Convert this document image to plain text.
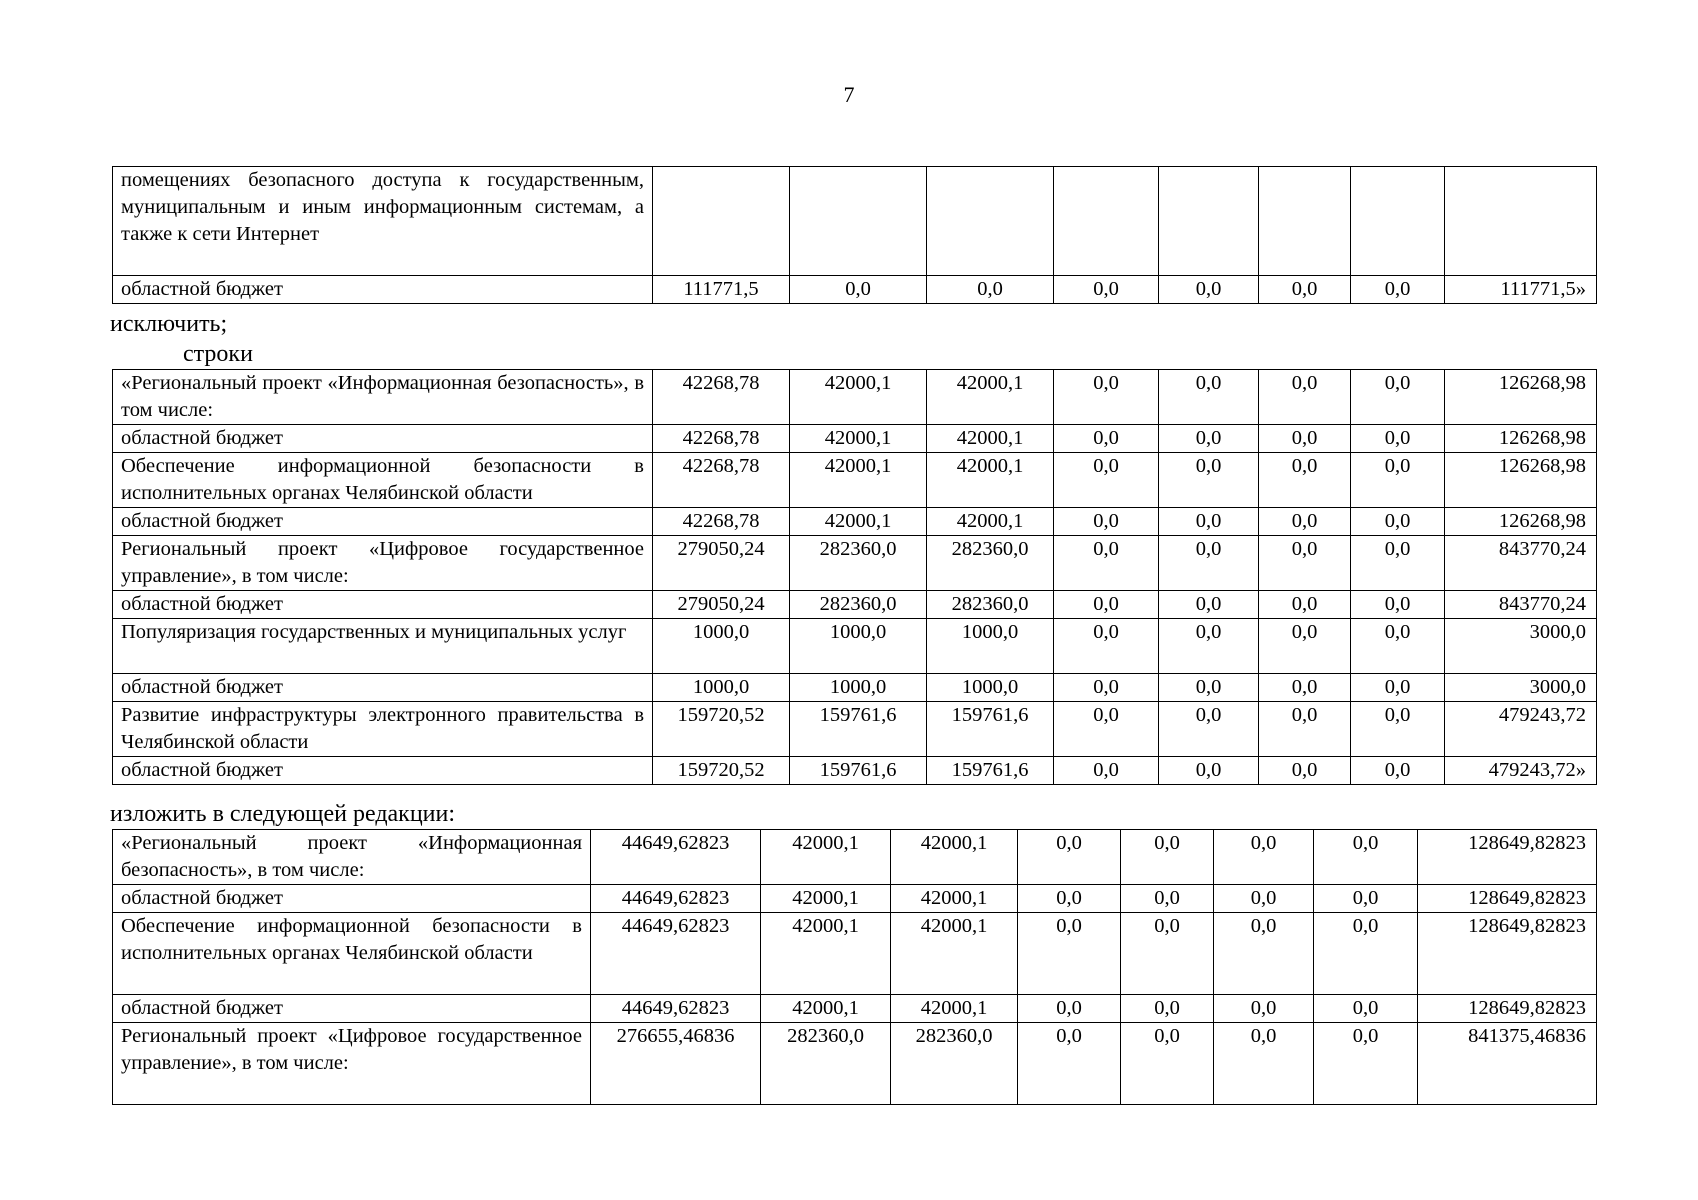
7
помещениях безопасного доступа к государственным, муниципальным и иным информационным системам, а также к сети Интернет								
областной бюджет	111771,5	0,0	0,0	0,0	0,0	0,0	0,0	111771,5»
исключить;
строки
«Региональный проект «Информационная безопасность», в том числе:	42268,78	42000,1	42000,1	0,0	0,0	0,0	0,0	126268,98
областной бюджет	42268,78	42000,1	42000,1	0,0	0,0	0,0	0,0	126268,98
Обеспечение информационной безопасности в исполнительных органах Челябинской области	42268,78	42000,1	42000,1	0,0	0,0	0,0	0,0	126268,98
областной бюджет	42268,78	42000,1	42000,1	0,0	0,0	0,0	0,0	126268,98
Региональный проект «Цифровое государственное управление», в том числе:	279050,24	282360,0	282360,0	0,0	0,0	0,0	0,0	843770,24
областной бюджет	279050,24	282360,0	282360,0	0,0	0,0	0,0	0,0	843770,24
Популяризация государственных и муниципальных услуг	1000,0	1000,0	1000,0	0,0	0,0	0,0	0,0	3000,0
областной бюджет	1000,0	1000,0	1000,0	0,0	0,0	0,0	0,0	3000,0
Развитие инфраструктуры электронного правительства в Челябинской области	159720,52	159761,6	159761,6	0,0	0,0	0,0	0,0	479243,72
областной бюджет	159720,52	159761,6	159761,6	0,0	0,0	0,0	0,0	479243,72»
изложить в следующей редакции:
«Региональный проект «Информационная безопасность», в том числе:	44649,62823	42000,1	42000,1	0,0	0,0	0,0	0,0	128649,82823
областной бюджет	44649,62823	42000,1	42000,1	0,0	0,0	0,0	0,0	128649,82823
Обеспечение информационной безопасности в исполнительных органах Челябинской области	44649,62823	42000,1	42000,1	0,0	0,0	0,0	0,0	128649,82823
областной бюджет	44649,62823	42000,1	42000,1	0,0	0,0	0,0	0,0	128649,82823
Региональный проект «Цифровое государственное управление», в том числе:	276655,46836	282360,0	282360,0	0,0	0,0	0,0	0,0	841375,46836
